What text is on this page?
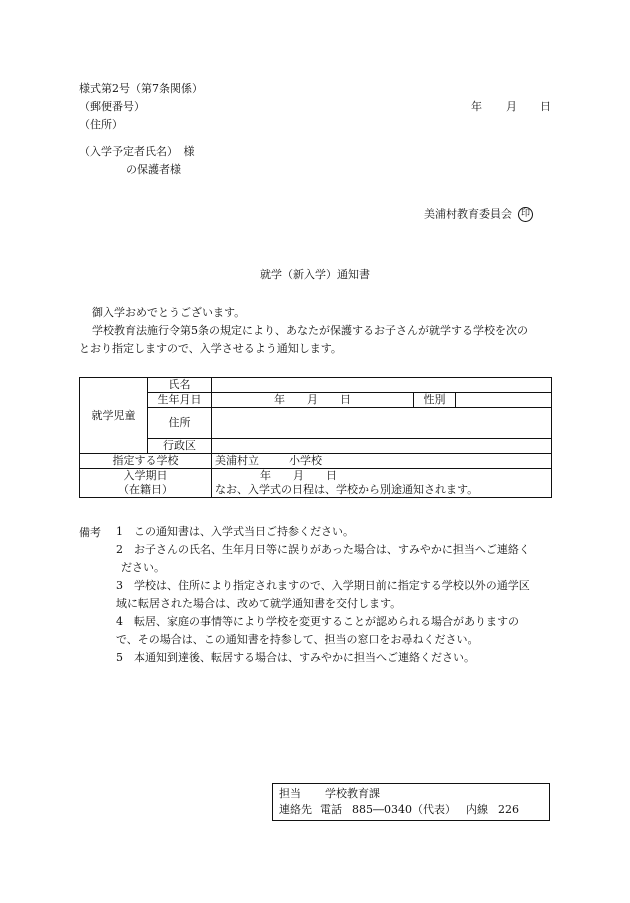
様式第2号（第7条関係）
（郵便番号）
（住所）
年 月 日
（入学予定者氏名）　様
の保護者様
美浦村教育委員会 印
就学（新入学）通知書
御入学おめでとうございます。
学校教育法施行令第5条の規定により、あなたが保護するお子さんが就学する学校を次の
とおり指定しますので、入学させるよう通知します。
就学児童	氏名			
	生年月日	年 月 日	性別	
	住所			

	行政区			
指定する学校		美浦村立 小学校		
入学期日		年 月 日		
（在籍日）		なお、入学式の日程は、学校から別途通知されます。		
備考 1　 この通知書は、入学式当日ご持参ください。
2　 お子さんの氏名、生年月日等に誤りがあった場合は、すみやかに担当へご連絡く
ださい。
3　 学校は、住所により指定されますので、入学期日前に指定する学校以外の通学区
域に転居された場合は、改めて就学通知書を交付します。
4　 転居、家庭の事情等により学校を変更することが認められる場合がありますの
で、その場合は、この通知書を持参して、担当の窓口をお尋ねください。
5　 本通知到達後、転居する場合は、すみやかに担当へご連絡ください。
担当 学校教育課
連絡先 電話 885―0340（代表） 内線 226
